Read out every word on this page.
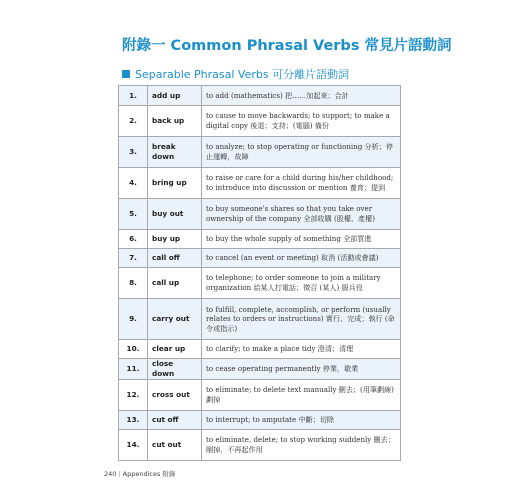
附錄一 Common Phrasal Verbs 常見片語動詞
Separable Phrasal Verbs 可分離片語動詞
1.	add up	to add (mathematics) 把……加起來；合計
2.	back up	to cause to move backwards; to support; to make a digital copy 後退；支持；(電腦) 備份
3.	break down	to analyze; to stop operating or functioning 分析；停止運轉，故障
4.	bring up	to raise or care for a child during his/her childhood; to introduce into discussion or mention 養育；提到
5.	buy out	to buy someone's shares so that you take over ownership of the company 全部收購 (股權、產權)
6.	buy up	to buy the whole supply of something 全部買進
7.	call off	to cancel (an event or meeting) 取消 (活動或會議)
8.	call up	to telephone; to order someone to join a military organization 給某人打電話；徵召 (某人) 服兵役
9.	carry out	to fulfill, complete, accomplish, or perform (usually relates to orders or instructions) 實行、完成；執行 (命令或指示)
10.	clear up	to clarify; to make a place tidy 澄清；清理
11.	close down	to cease operating permanently 停業，歇業
12.	cross out	to eliminate; to delete text manually 刪去；(用筆劃線) 劃掉
13.	cut off	to interrupt; to amputate 中斷；切除
14.	cut out	to eliminate, delete; to stop working suddenly 刪去；剛掉，不再起作用
240 | Appendices 附錄
